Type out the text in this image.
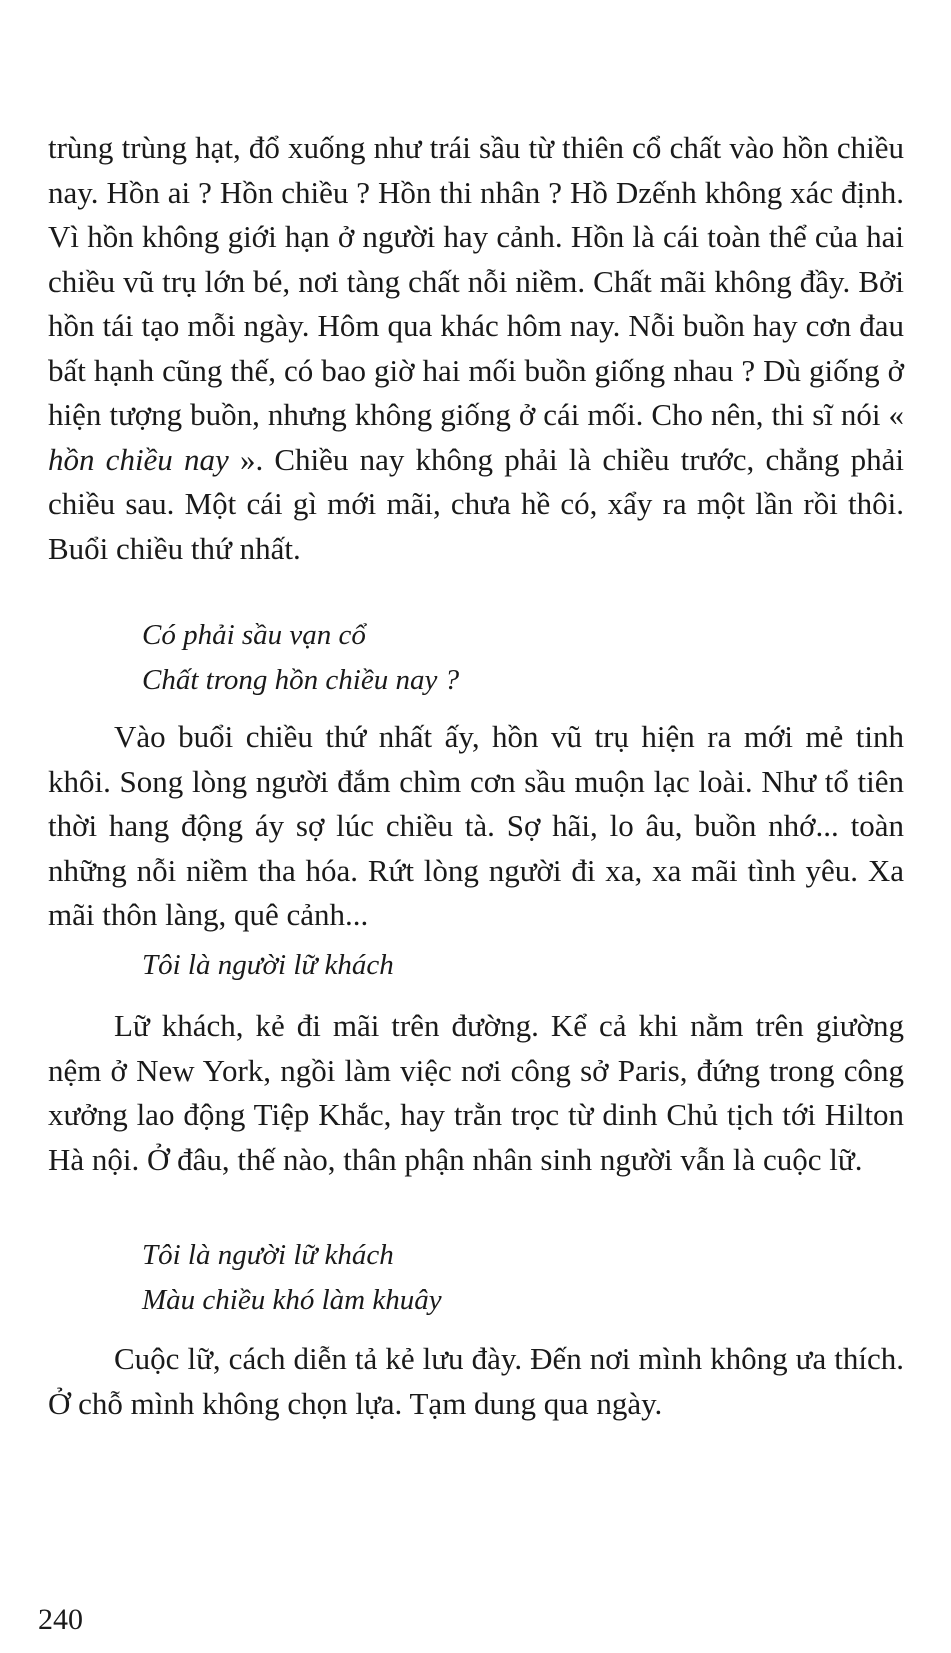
trùng trùng hạt, đổ xuống như trái sầu từ thiên cổ chất vào hồn chiều nay. Hồn ai ? Hồn chiều ? Hồn thi nhân ? Hồ Dzếnh không xác định. Vì hồn không giới hạn ở người hay cảnh. Hồn là cái toàn thể của hai chiều vũ trụ lớn bé, nơi tàng chất nỗi niềm. Chất mãi không đầy. Bởi hồn tái tạo mỗi ngày. Hôm qua khác hôm nay. Nỗi buồn hay cơn đau bất hạnh cũng thế, có bao giờ hai mối buồn giống nhau ? Dù giống ở hiện tượng buồn, nhưng không giống ở cái mối. Cho nên, thi sĩ nói « hồn chiều nay ». Chiều nay không phải là chiều trước, chẳng phải chiều sau. Một cái gì mới mãi, chưa hề có, xẩy ra một lần rồi thôi. Buổi chiều thứ nhất.

Có phải sầu vạn cổ
Chất trong hồn chiều nay ?

Vào buổi chiều thứ nhất ấy, hồn vũ trụ hiện ra mới mẻ tinh khôi. Song lòng người đắm chìm cơn sầu muộn lạc loài. Như tổ tiên thời hang động áy sợ lúc chiều tà. Sợ hãi, lo âu, buồn nhớ... toàn những nỗi niềm tha hóa. Rứt lòng người đi xa, xa mãi tình yêu. Xa mãi thôn làng, quê cảnh...

Tôi là người lữ khách

Lữ khách, kẻ đi mãi trên đường. Kể cả khi nằm trên giường nệm ở New York, ngồi làm việc nơi công sở Paris, đứng trong công xưởng lao động Tiệp Khắc, hay trằn trọc từ dinh Chủ tịch tới Hilton Hà nội. Ở đâu, thế nào, thân phận nhân sinh người vẫn là cuộc lữ.

Tôi là người lữ khách
Màu chiều khó làm khuây

Cuộc lữ, cách diễn tả kẻ lưu đày. Đến nơi mình không ưa thích. Ở chỗ mình không chọn lựa. Tạm dung qua ngày.

240
